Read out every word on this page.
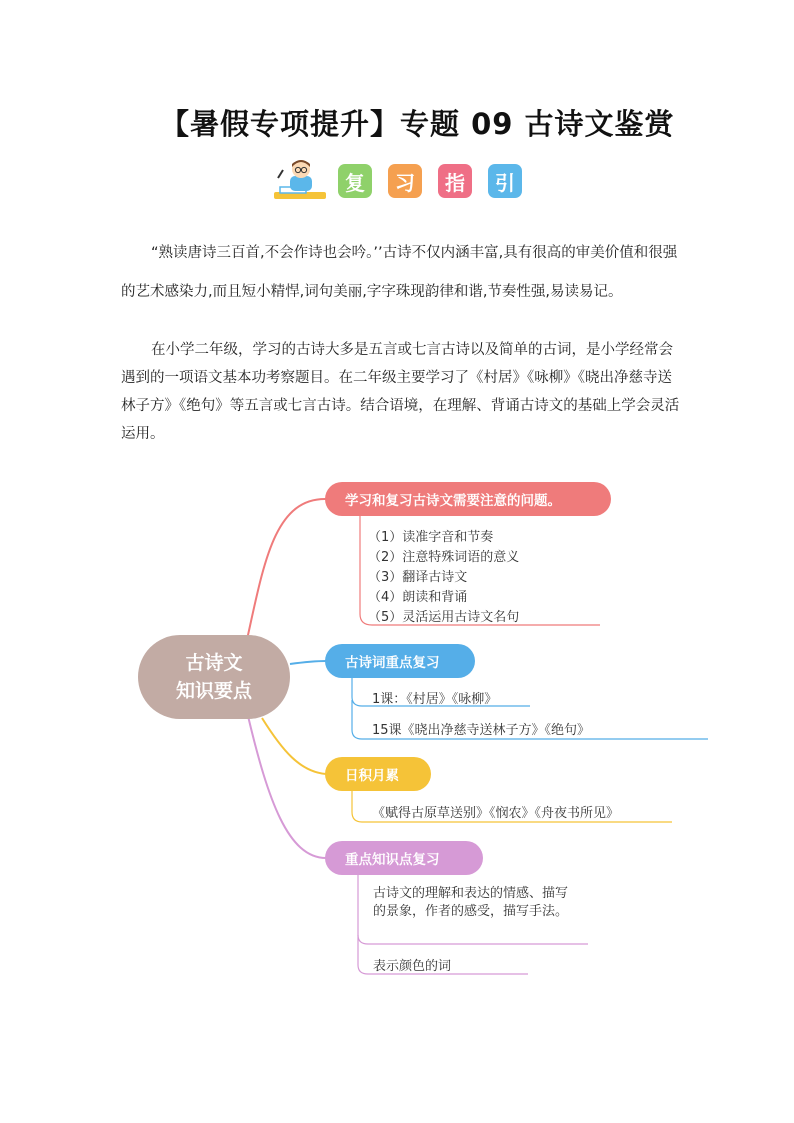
【暑假专项提升】专题 09 古诗文鉴赏
复	习	指	引
“熟读唐诗三百首,不会作诗也会吟。’’古诗不仅内涵丰富,具有很高的审美价值和很强的艺术感染力,而且短小精悍,词句美丽,字字珠现韵律和谐,节奏性强,易读易记。
在小学二年级，学习的古诗大多是五言或七言古诗以及简单的古词，是小学经常会遇到的一项语文基本功考察题目。在二年级主要学习了《村居》《咏柳》《晓出净慈寺送林子方》《绝句》等五言或七言古诗。结合语境，在理解、背诵古诗文的基础上学会灵活运用。
古诗文
知识要点
学习和复习古诗文需要注意的问题。
古诗词重点复习
日积月累
重点知识点复习
（1）读准字音和节奏
（2）注意特殊词语的意义
（3）翻译古诗文
（4）朗读和背诵
（5）灵活运用古诗文名句
1课：《村居》《咏柳》
15课《晓出净慈寺送林子方》《绝句》
《赋得古原草送别》《悯农》《舟夜书所见》
古诗文的理解和表达的情感、描写的景象，作者的感受，描写手法。
表示颜色的词
